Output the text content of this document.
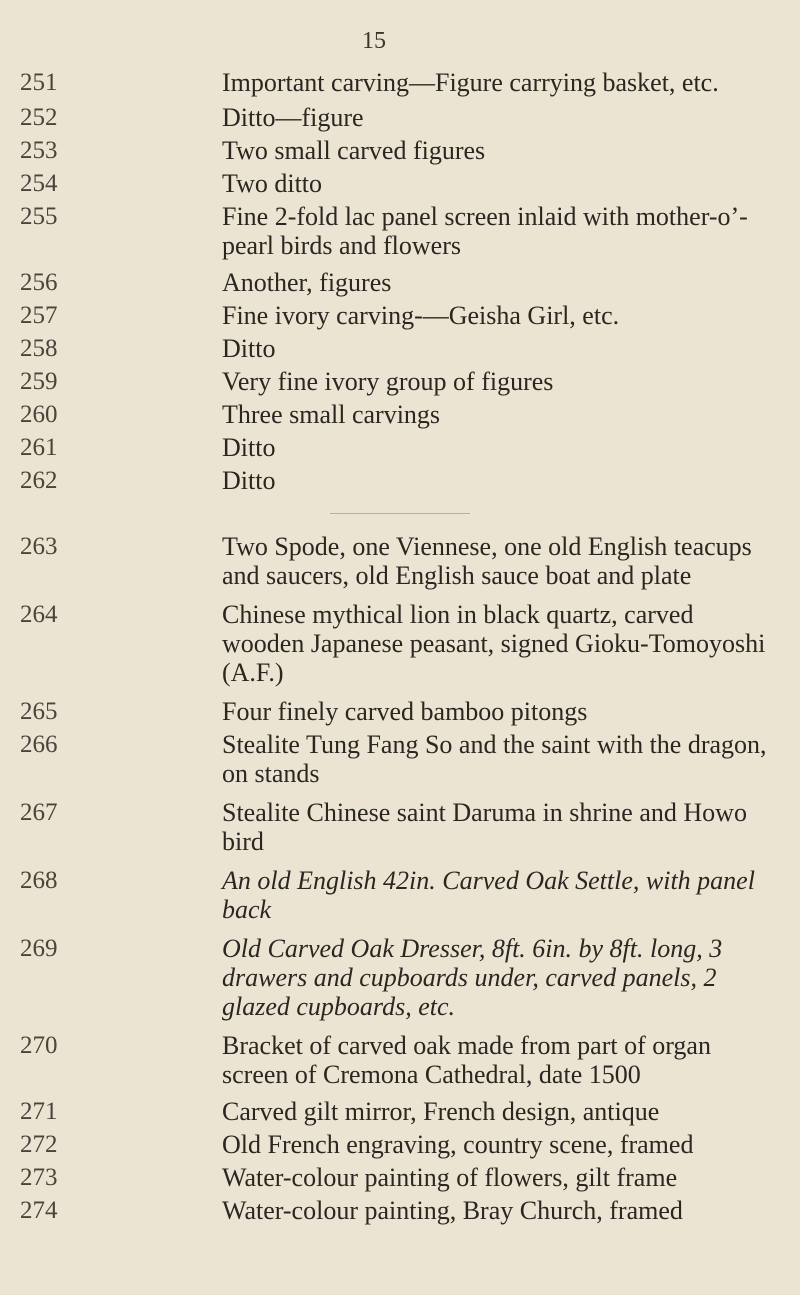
15
251	Important carving—Figure carrying basket, etc.
252	Ditto—figure
253	Two small carved figures
254	Two ditto
255	Fine 2-fold lac panel screen inlaid with mother-o’-pearl birds and flowers
256	Another, figures
257	Fine ivory carving-—Geisha Girl, etc.
258	Ditto
259	Very fine ivory group of figures
260	Three small carvings
261	Ditto
262	Ditto
263	Two Spode, one Viennese, one old English teacups and saucers, old English sauce boat and plate
264	Chinese mythical lion in black quartz, carved wooden Japanese peasant, signed Gioku-Tomoyoshi (A.F.)
265	Four finely carved bamboo pitongs
266	Stealite Tung Fang So and the saint with the dragon, on stands
267	Stealite Chinese saint Daruma in shrine and Howo bird
268	An old English 42in. Carved Oak Settle, with panel back
269	Old Carved Oak Dresser, 8ft. 6in. by 8ft. long, 3 drawers and cupboards under, carved panels, 2 glazed cupboards, etc.
270	Bracket of carved oak made from part of organ screen of Cremona Cathedral, date 1500
271	Carved gilt mirror, French design, antique
272	Old French engraving, country scene, framed
273	Water-colour painting of flowers, gilt frame
274	Water-colour painting, Bray Church, framed
